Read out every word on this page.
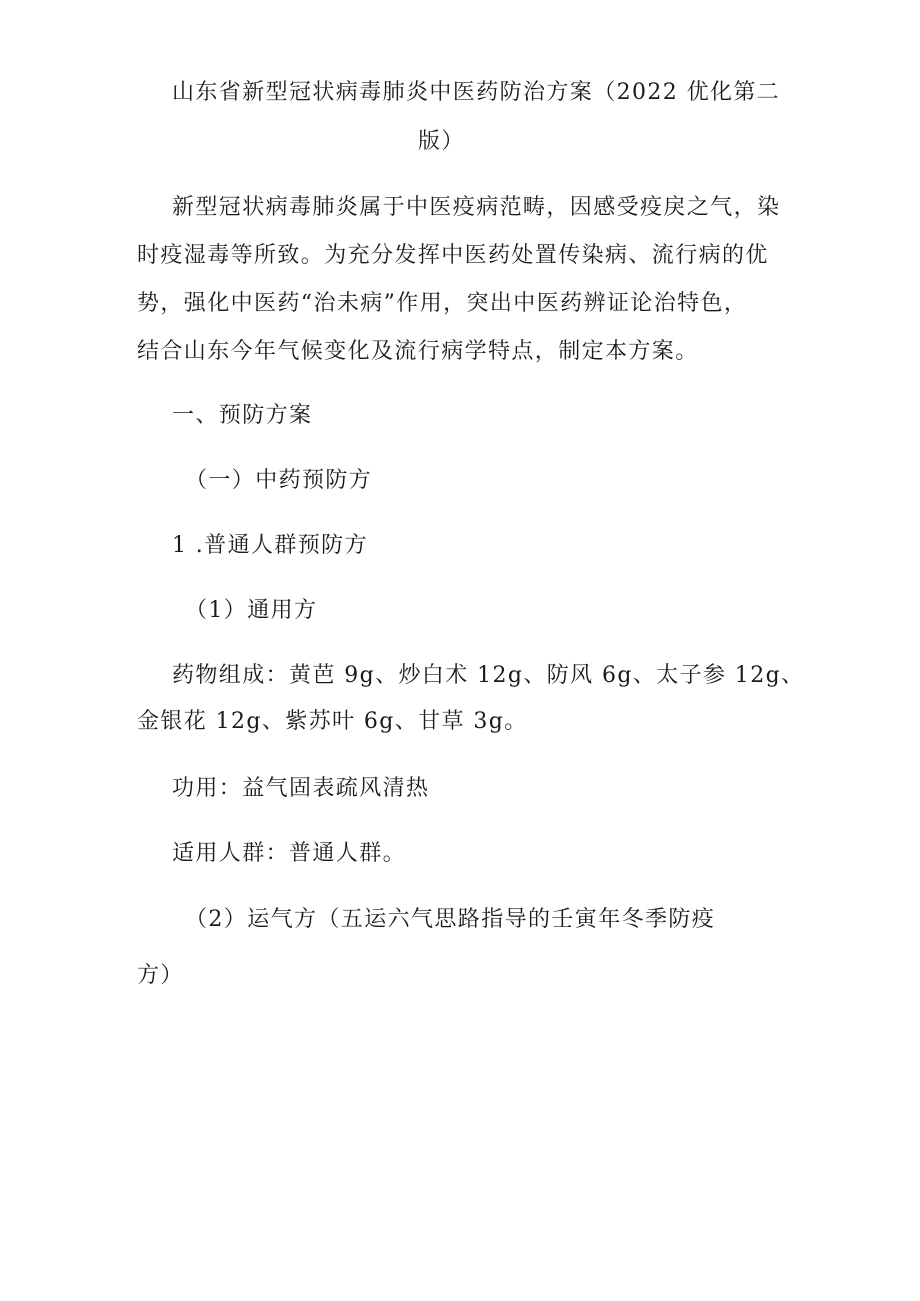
山东省新型冠状病毒肺炎中医药防治方案（2022 优化第二
版）
新型冠状病毒肺炎属于中医疫病范畴，因感受疫戾之气，染
时疫湿毒等所致。为充分发挥中医药处置传染病、流行病的优
势，强化中医药“治未病”作用，突出中医药辨证论治特色，
结合山东今年气候变化及流行病学特点，制定本方案。
一、预防方案
（一）中药预防方
1 .普通人群预防方
（1）通用方
药物组成：黄芭 9g、炒白术 12g、防风 6g、太子参 12g、
金银花 12g、紫苏叶 6g、甘草 3g。
功用：益气固表疏风清热
适用人群：普通人群。
（2）运气方（五运六气思路指导的壬寅年冬季防疫
方）
